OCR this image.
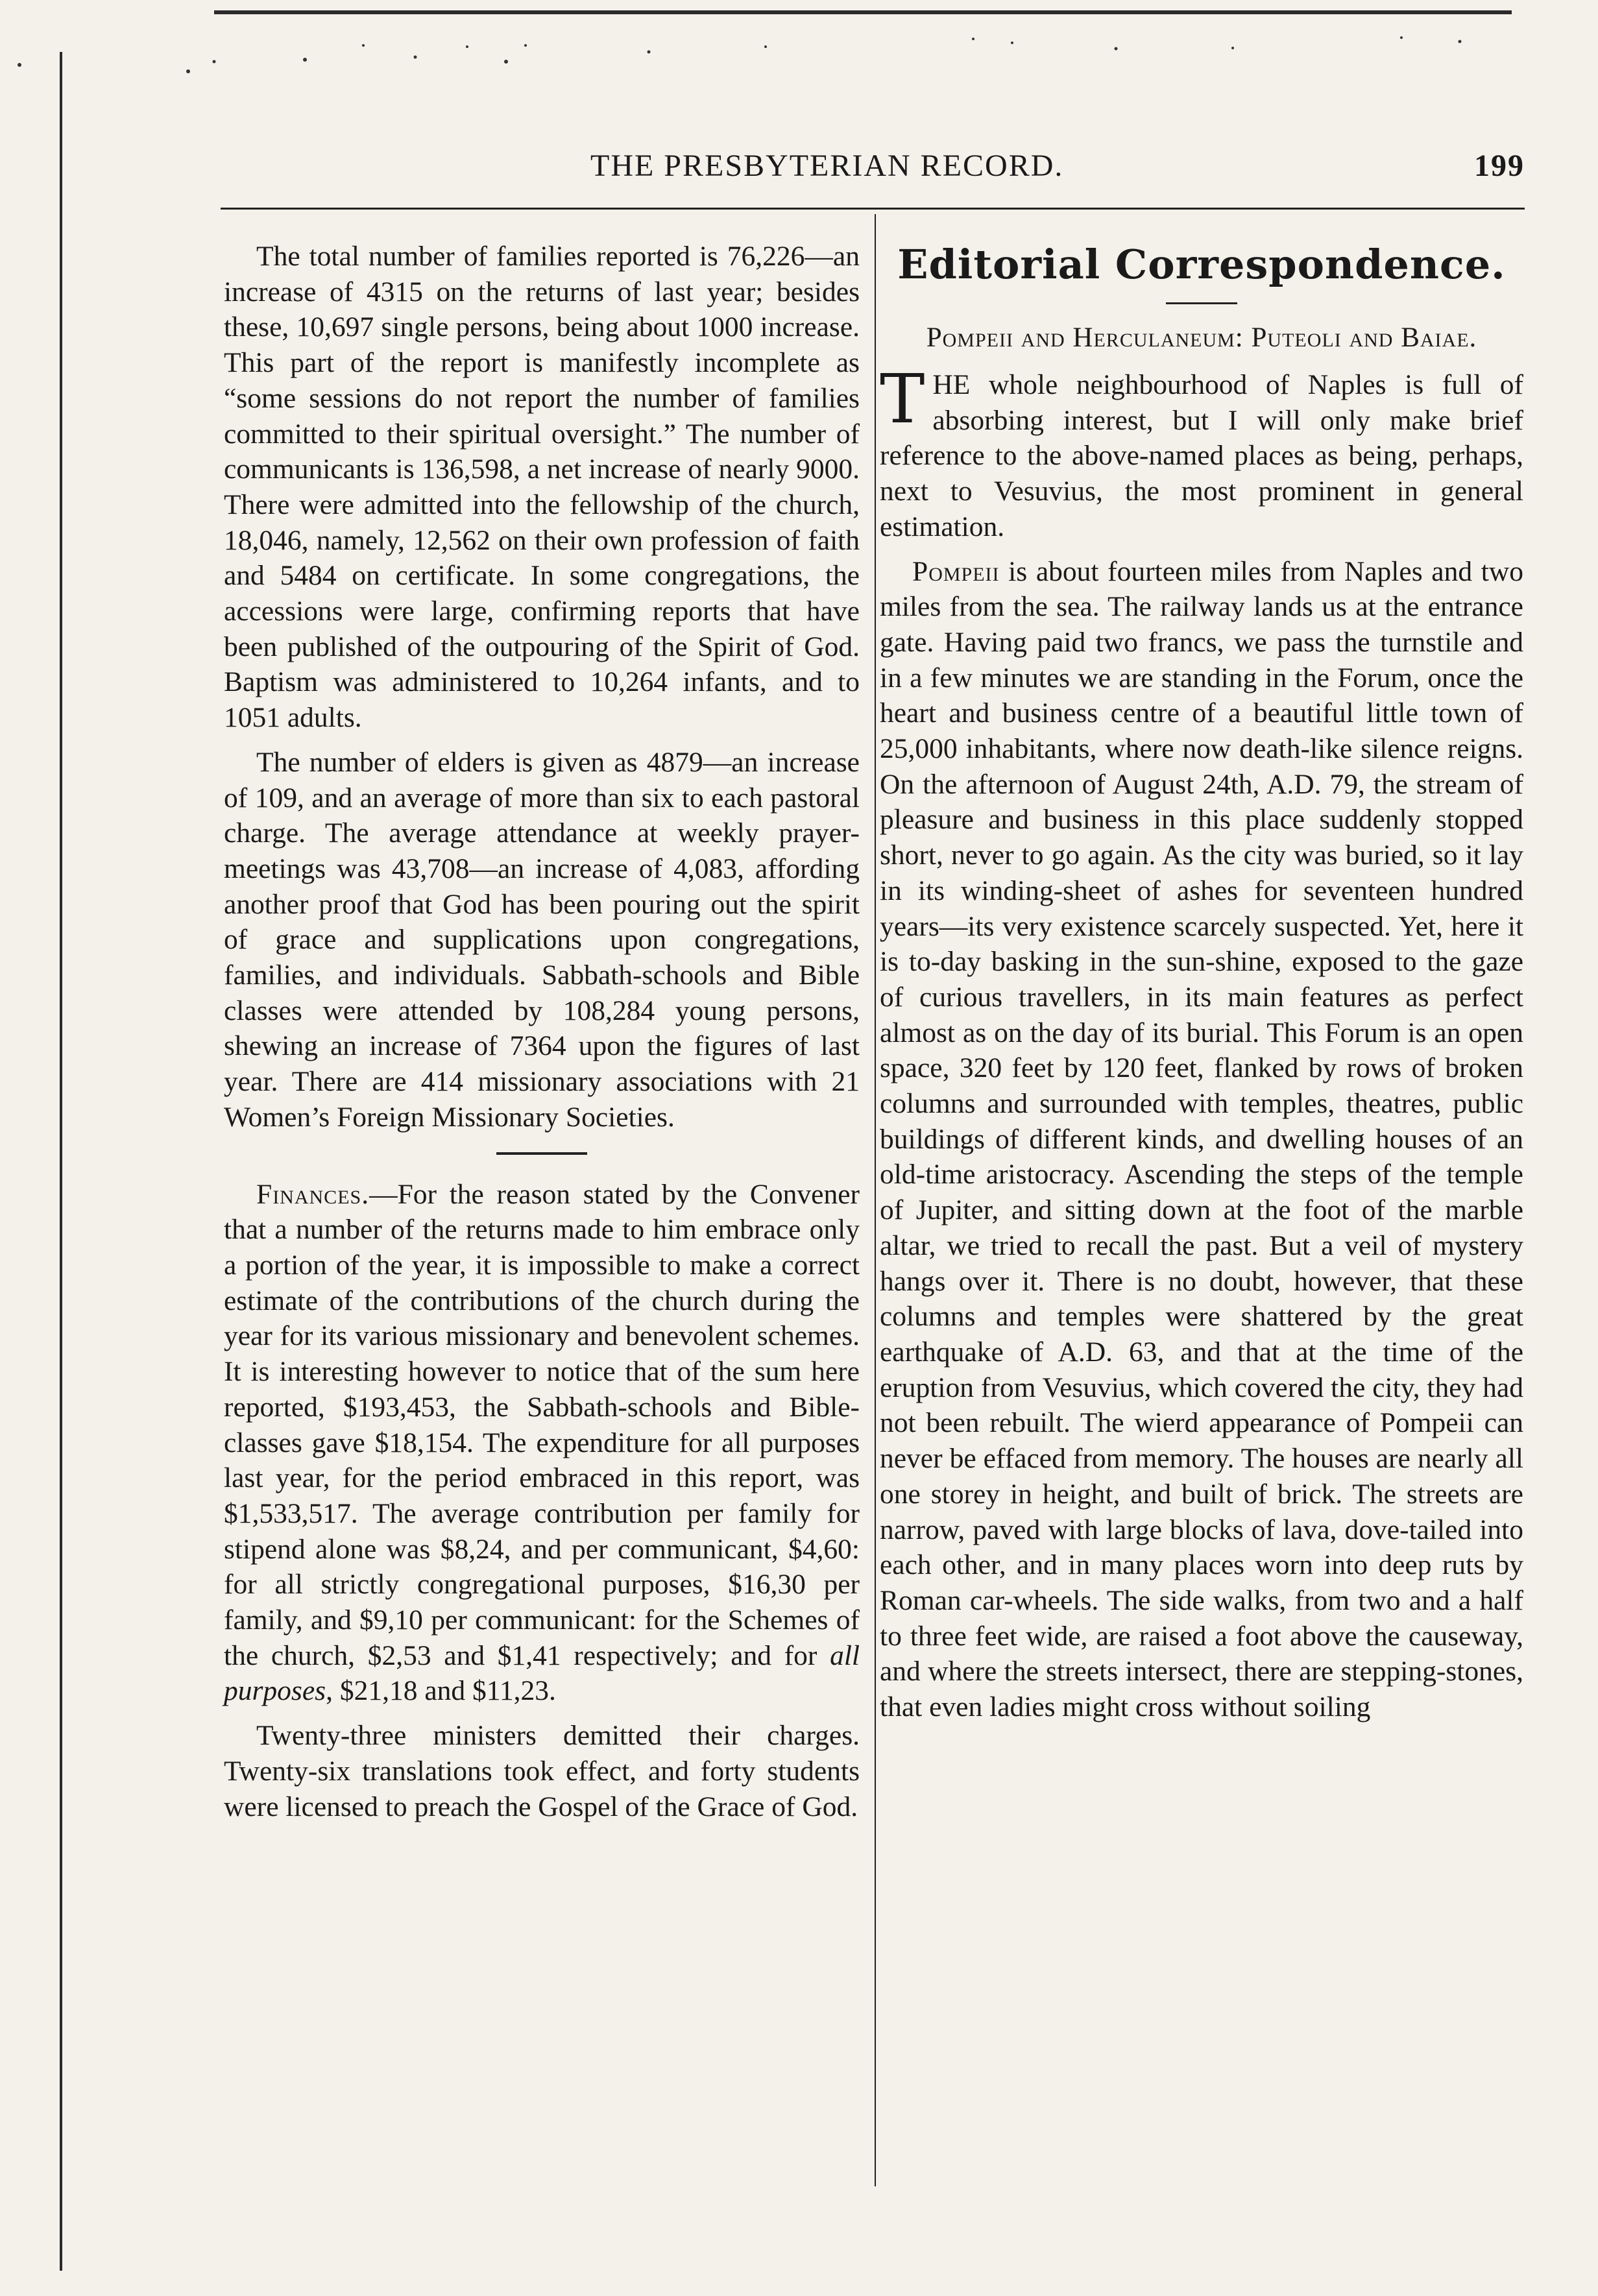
THE PRESBYTERIAN RECORD.	199

The total number of families reported is 76,226—an increase of 4315 on the returns of last year; besides these, 10,697 single persons, being about 1000 increase. This part of the report is manifestly incomplete as “some sessions do not report the number of families committed to their spiritual oversight.” The number of communicants is 136,598, a net increase of nearly 9000. There were admitted into the fellowship of the church, 18,046, namely, 12,562 on their own profession of faith and 5484 on certificate. In some congregations, the accessions were large, confirming reports that have been published of the outpouring of the Spirit of God. Baptism was administered to 10,264 infants, and to 1051 adults.

The number of elders is given as 4879—an increase of 109, and an average of more than six to each pastoral charge. The average attendance at weekly prayer-meetings was 43,708—an increase of 4,083, affording another proof that God has been pouring out the spirit of grace and supplications upon congregations, families, and individuals. Sabbath-schools and Bible classes were attended by 108,284 young persons, shewing an increase of 7364 upon the figures of last year. There are 414 missionary associations with 21 Women’s Foreign Missionary Societies.

Finances.—For the reason stated by the Convener that a number of the returns made to him embrace only a portion of the year, it is impossible to make a correct estimate of the contributions of the church during the year for its various missionary and benevolent schemes. It is interesting however to notice that of the sum here reported, $193,453, the Sabbath-schools and Bible-classes gave $18,154. The expenditure for all purposes last year, for the period embraced in this report, was $1,533,517. The average contribution per family for stipend alone was $8,24, and per communicant, $4,60: for all strictly congregational purposes, $16,30 per family, and $9,10 per communicant: for the Schemes of the church, $2,53 and $1,41 respectively; and for all purposes, $21,18 and $11,23.

Twenty-three ministers demitted their charges. Twenty-six translations took effect, and forty students were licensed to preach the Gospel of the Grace of God.

Editorial Correspondence.
Pompeii and Herculaneum: Puteoli and Baiae.

THE whole neighbourhood of Naples is full of absorbing interest, but I will only make brief reference to the above-named places as being, perhaps, next to Vesuvius, the most prominent in general estimation.

Pompeii is about fourteen miles from Naples and two miles from the sea. The railway lands us at the entrance gate. Having paid two francs, we pass the turnstile and in a few minutes we are standing in the Forum, once the heart and business centre of a beautiful little town of 25,000 inhabitants, where now death-like silence reigns. On the afternoon of August 24th, A.D. 79, the stream of pleasure and business in this place suddenly stopped short, never to go again. As the city was buried, so it lay in its winding-sheet of ashes for seventeen hundred years—its very existence scarcely suspected. Yet, here it is to-day basking in the sun-shine, exposed to the gaze of curious travellers, in its main features as perfect almost as on the day of its burial. This Forum is an open space, 320 feet by 120 feet, flanked by rows of broken columns and surrounded with temples, theatres, public buildings of different kinds, and dwelling houses of an old-time aristocracy. Ascending the steps of the temple of Jupiter, and sitting down at the foot of the marble altar, we tried to recall the past. But a veil of mystery hangs over it. There is no doubt, however, that these columns and temples were shattered by the great earthquake of A.D. 63, and that at the time of the eruption from Vesuvius, which covered the city, they had not been rebuilt. The wierd appearance of Pompeii can never be effaced from memory. The houses are nearly all one storey in height, and built of brick. The streets are narrow, paved with large blocks of lava, dove-tailed into each other, and in many places worn into deep ruts by Roman car-wheels. The side walks, from two and a half to three feet wide, are raised a foot above the causeway, and where the streets intersect, there are stepping-stones, that even ladies might cross without soiling
